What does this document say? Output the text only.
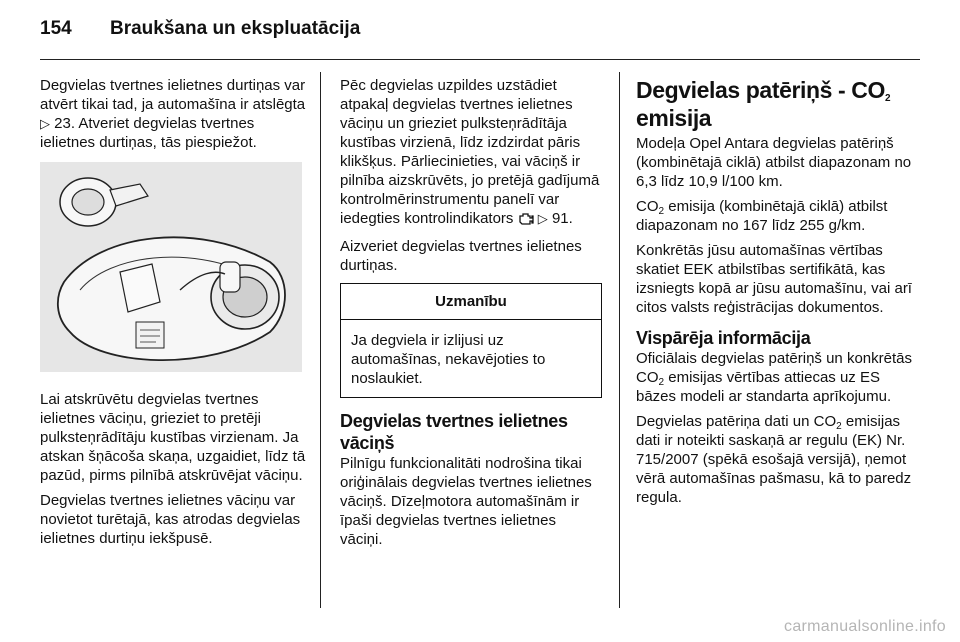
154 Braukšana un ekspluatācija

Degvielas tvertnes ielietnes durtiņas var atvērt tikai tad, ja automašīna ir atslēgta ▷ 23. Atveriet degvielas tvertnes ielietnes durtiņas, tās piespiežot.

Lai atskrūvētu degvielas tvertnes ielietnes vāciņu, grieziet to pretēji pulksteņrādītāju kustības virzienam. Ja atskan šņācoša skaņa, uzgaidiet, līdz tā pazūd, pirms pilnībā atskrūvējat vāciņu.

Degvielas tvertnes ielietnes vāciņu var novietot turētajā, kas atrodas degvielas ielietnes durtiņu iekšpusē.

Pēc degvielas uzpildes uzstādiet atpakaļ degvielas tvertnes ielietnes vāciņu un grieziet pulksteņrādītāja kustības virzienā, līdz izdzirdat pāris klikšķus. Pārliecinieties, vai vāciņš ir pilnība aizskrūvēts, jo pretējā gadījumā kontrolmērinstrumentu panelī var iedegties kontrolindikators ▷ 91.

Aizveriet degvielas tvertnes ielietnes durtiņas.

Uzmanību
Ja degviela ir izlijusi uz automašīnas, nekavējoties to noslaukiet.
Degvielas tvertnes ielietnes vāciņš

Pilnīgu funkcionalitāti nodrošina tikai oriģinālais degvielas tvertnes ielietnes vāciņš. Dīzeļmotora automašīnām ir īpaši degvielas tvertnes ielietnes vāciņi.

Degvielas patēriņš - $CO_2$
emisija

Modeļa Opel Antara degvielas patēriņš (kombinētajā ciklā) atbilst diapazonam no 6,3 līdz 10,9 l/100 km.

$CO_2$ emisija (kombinētajā ciklā) atbilst diapazonam no 167 līdz 255 g/km.

Konkrētās jūsu automašīnas vērtības skatiet EEK atbilstības sertifikātā, kas izsniegts kopā ar jūsu automašīnu, vai arī citos valsts reģistrācijas dokumentos.

Vispārēja informācija

Oficiālais degvielas patēriņš un konkrētās $CO_2$ emisijas vērtības attiecas uz ES bāzes modeli ar standarta aprīkojumu.

Degvielas patēriņa dati un $CO_2$ emisijas dati ir noteikti saskaņā ar regulu (EK) Nr. 715/2007 (spēkā esošajā versijā), ņemot vērā automašīnas pašmasu, kā to paredz regula.

carmanualsonline.info
